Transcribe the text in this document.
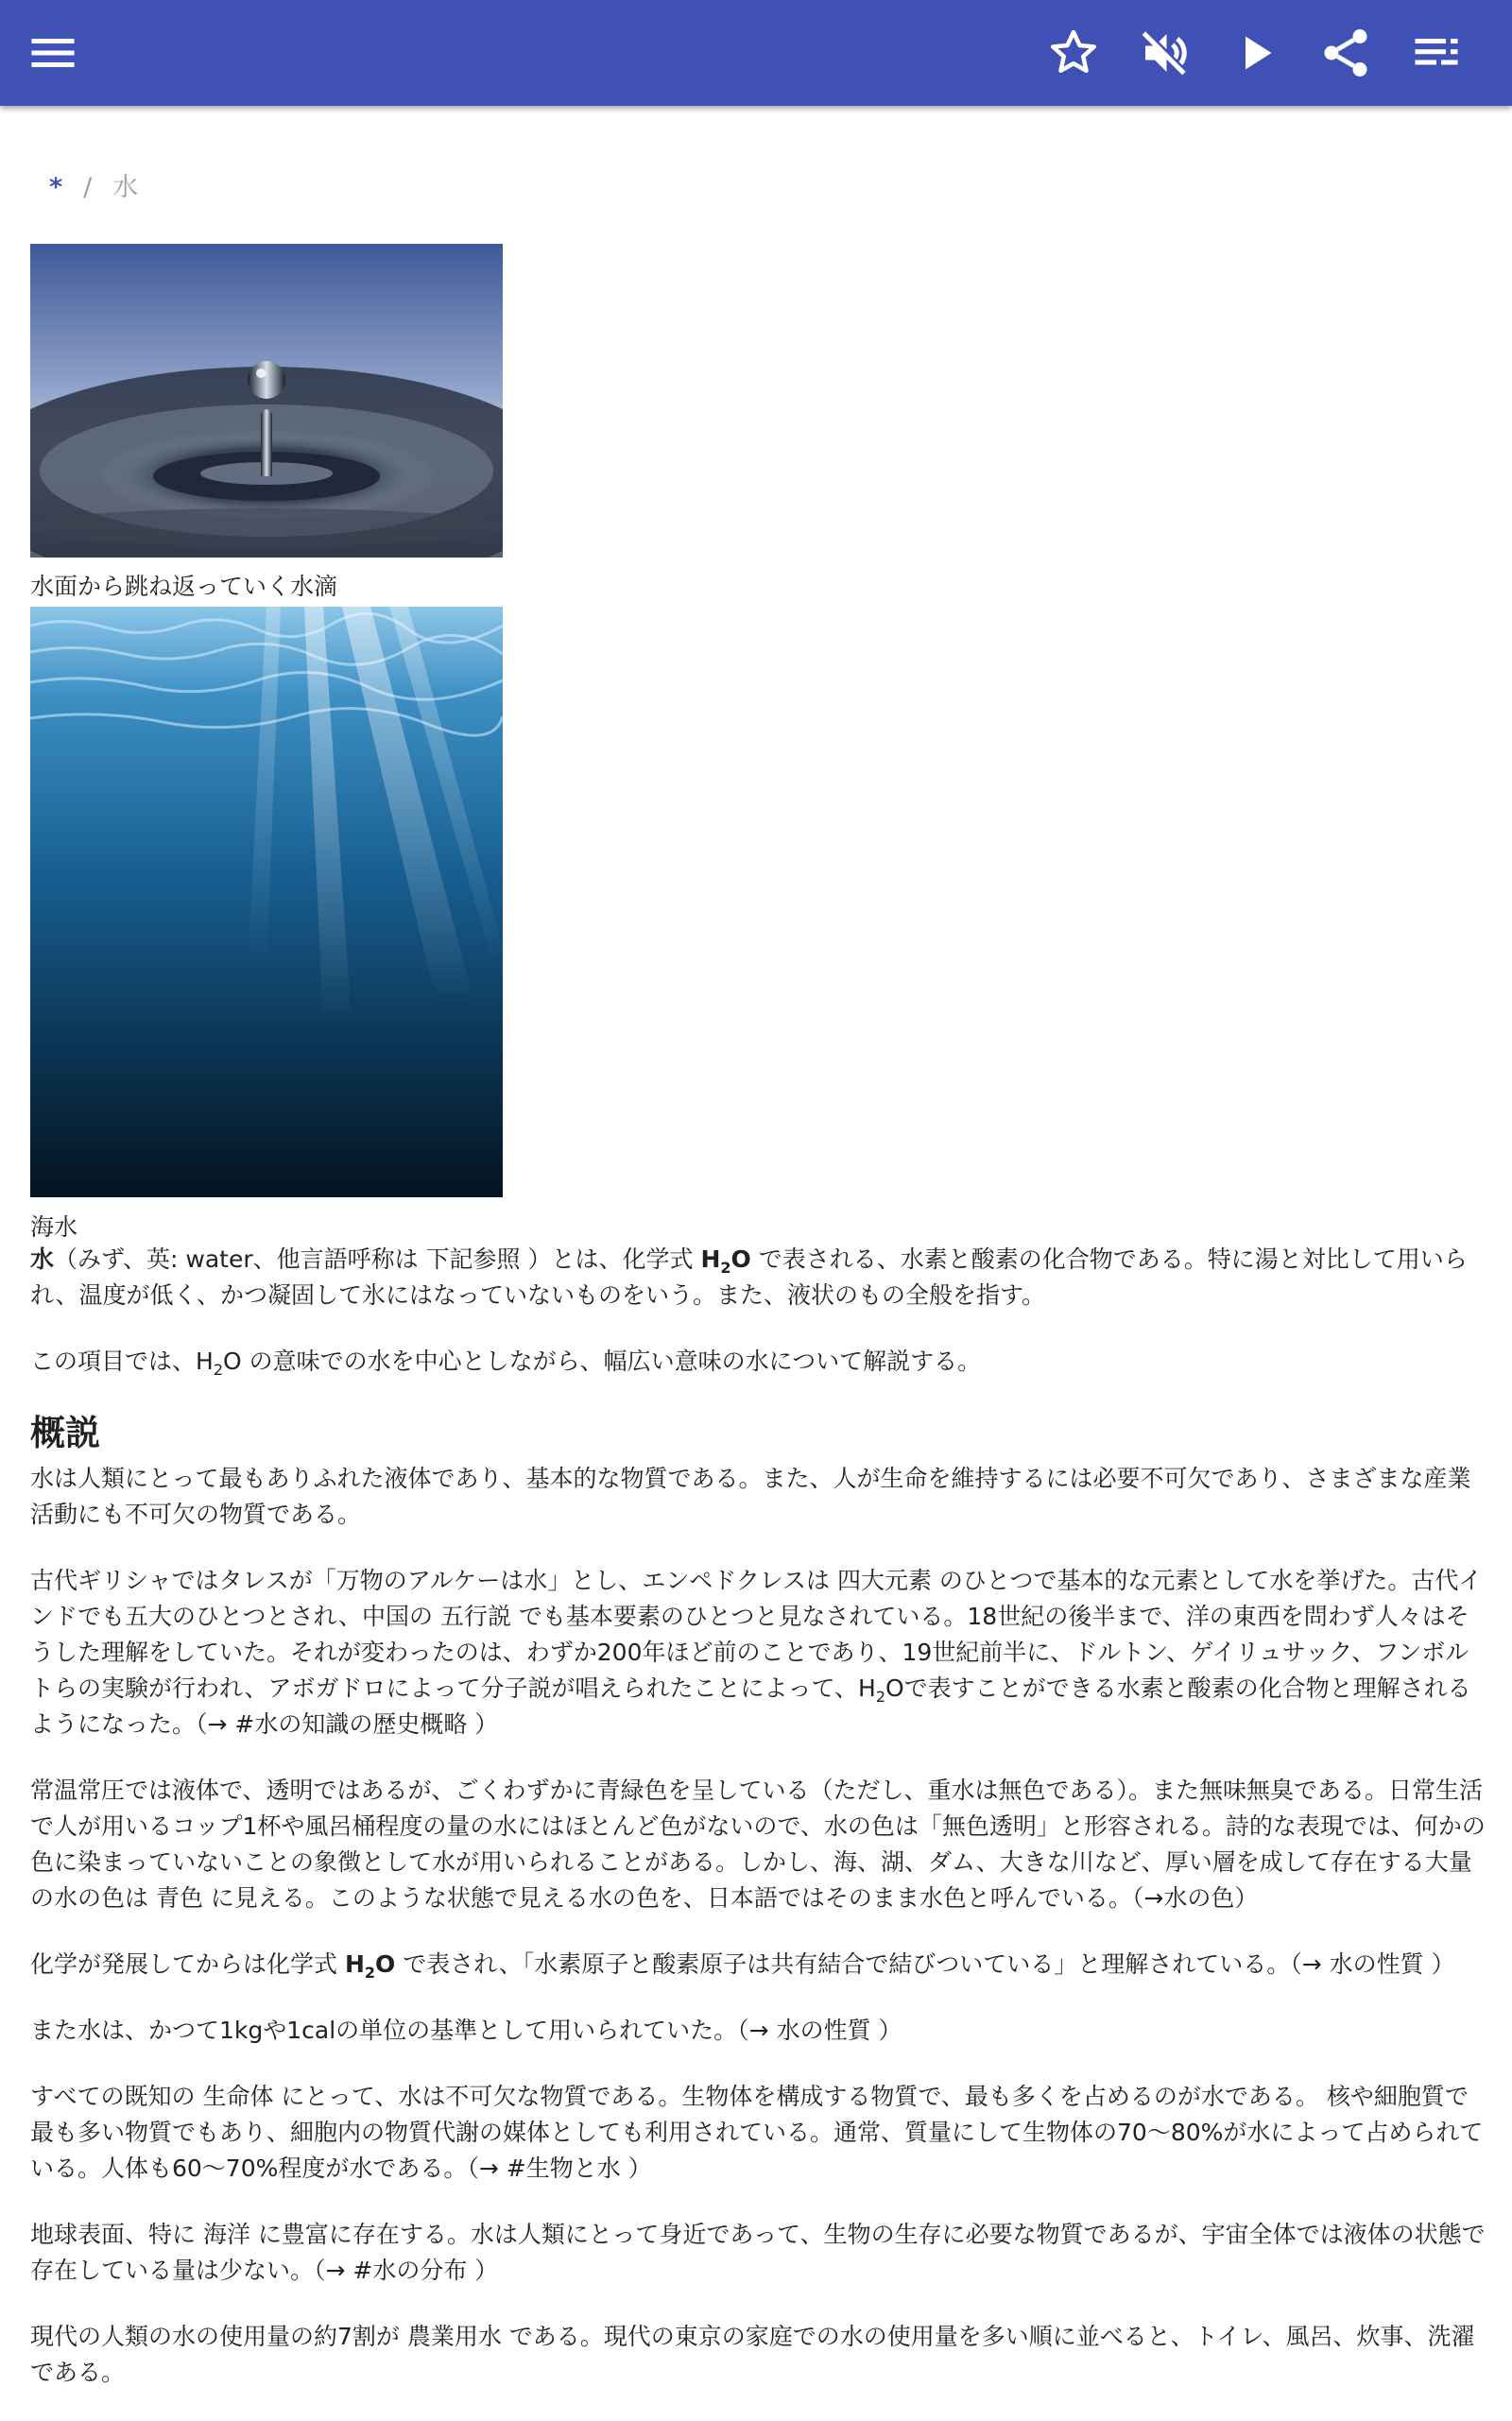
* / 水
水面から跳ね返っていく水滴
海水

水（みず、英: water、他言語呼称は 下記参照 ）とは、化学式 $H_2O$ で表される、水素と酸素の化合物である。特に湯と対比して用いられ、温度が低く、かつ凝固して氷にはなっていないものをいう。また、液状のもの全般を指す。

この項目では、$H_2O$ の意味での水を中心としながら、幅広い意味の水について解説する。

概説

水は人類にとって最もありふれた液体であり、基本的な物質である。また、人が生命を維持するには必要不可欠であり、さまざまな産業活動にも不可欠の物質である。

古代ギリシャではタレスが「万物のアルケーは水」とし、エンペドクレスは 四大元素 のひとつで基本的な元素として水を挙げた。古代インドでも五大のひとつとされ、中国の 五行説 でも基本要素のひとつと見なされている。18世紀の後半まで、洋の東西を問わず人々はそうした理解をしていた。それが変わったのは、わずか200年ほど前のことであり、19世紀前半に、ドルトン、ゲイリュサック、フンボルトらの実験が行われ、アボガドロによって分子説が唱えられたことによって、$H_2O$で表すことができる水素と酸素の化合物と理解されるようになった。（→ #水の知識の歴史概略 ）

常温常圧では液体で、透明ではあるが、ごくわずかに青緑色を呈している（ただし、重水は無色である）。また無味無臭である。日常生活で人が用いるコップ1杯や風呂桶程度の量の水にはほとんど色がないので、水の色は「無色透明」と形容される。詩的な表現では、何かの色に染まっていないことの象徴として水が用いられることがある。しかし、海、湖、ダム、大きな川など、厚い層を成して存在する大量の水の色は 青色 に見える。このような状態で見える水の色を、日本語ではそのまま水色と呼んでいる。（→水の色）

化学が発展してからは化学式 $H_2O$ で表され、「水素原子と酸素原子は共有結合で結びついている」と理解されている。（→ 水の性質 ）

また水は、かつて1kgや1calの単位の基準として用いられていた。（→ 水の性質 ）

すべての既知の 生命体 にとって、水は不可欠な物質である。生物体を構成する物質で、最も多くを占めるのが水である。 核や細胞質で最も多い物質でもあり、細胞内の物質代謝の媒体としても利用されている。通常、質量にして生物体の70〜80%が水によって占められている。人体も60〜70%程度が水である。（→ #生物と水 ）

地球表面、特に 海洋 に豊富に存在する。水は人類にとって身近であって、生物の生存に必要な物質であるが、宇宙全体では液体の状態で存在している量は少ない。（→ #水の分布 ）

現代の人類の水の使用量の約7割が 農業用水 である。現代の東京の家庭での水の使用量を多い順に並べると、トイレ、風呂、炊事、洗濯である。
